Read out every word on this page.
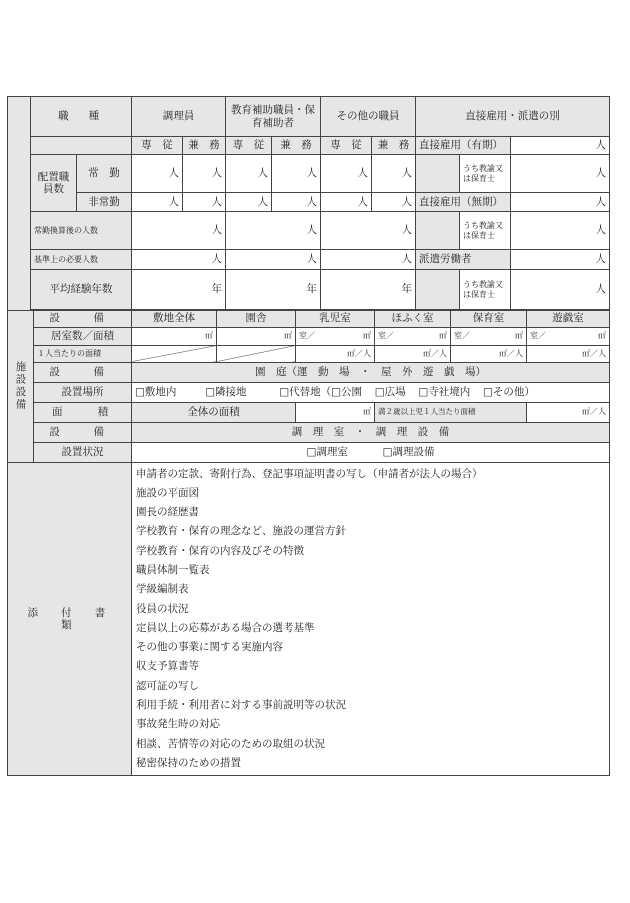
	職　種		調理員		教育補助職員・保育補助者		その他の職員		直接雇用・派遣の別		
			専　従	兼　務	専　従	兼　務	専　従	兼　務	直接雇用（有期）		人
	配置職員数	常　勤	人	人	人	人	人	人		うち教諭又は保育士	人
		非常勤	人	人	人	人	人	人	直接雇用（無期）		人
	常勤換算後の人数		人		人		人			うち教諭又は保育士	人
	基準上の必要人数		人		人		人		派遣労働者		人
	平均経験年数		年		年		年			うち教諭又は保育士	人

施設設備	設　備	敷地全体	園舎	乳児室	ほふく室	保育室	遊戯室
	居室数／面積	㎡	㎡	室／ ㎡	室／ ㎡	室／ ㎡	室／ ㎡

	１人当たりの面積			㎡／人	㎡／人	㎡／人	㎡／人
	設　備	園　庭（運　動　場　・　屋　外　遊　戯　場）					
	設置場所	□敷地内 □隣接地 □代替地（□公園 □広場 □寺社境内 □その他）					
	面　　積	全体の面積		㎡	満２歳以上児１人当たり面積		㎡／人
	設　備	調　理　室　・　調　理　設　備					
	設置状況	□調理室 □調理設備					
添　付　書　類	
申請者の定款、寄附行為、登記事項証明書の写し（申請者が法人の場合）
施設の平面図
園長の経歴書
学校教育・保育の理念など、施設の運営方針
学校教育・保育の内容及びその特徴
職員体制一覧表
学級編制表
役員の状況
定員以上の応募がある場合の選考基準
その他の事業に関する実施内容
収支予算書等
認可証の写し
利用手続・利用者に対する事前説明等の状況
事故発生時の対応
相談、苦情等の対応のための取組の状況
秘密保持のための措置
